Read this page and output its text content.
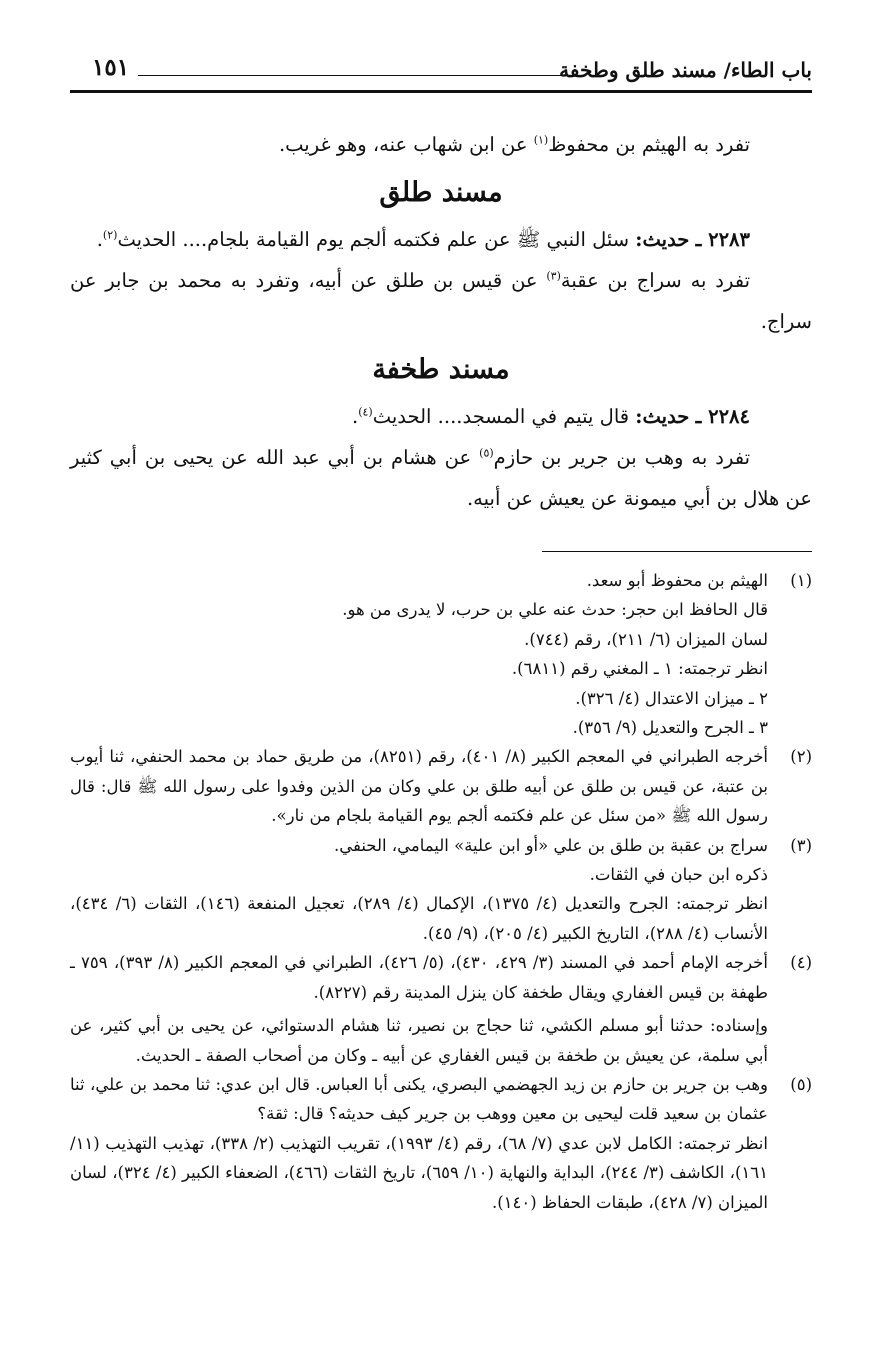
باب الطاء/ مسند طلق وطخفة
١٥١

تفرد به الهيثم بن محفوظ$^{(١)}$ عن ابن شهاب عنه، وهو غريب.

مسند طلق

٢٢٨٣ ـ حديث: سئل النبي ﷺ عن علم فكتمه ألجم يوم القيامة بلجام.... الحديث$^{(٢)}$.

تفرد به سراج بن عقبة$^{(٣)}$ عن قيس بن طلق عن أبيه، وتفرد به محمد بن جابر عن سراج.

مسند طخفة

٢٢٨٤ ـ حديث: قال يتيم في المسجد.... الحديث$^{(٤)}$.

تفرد به وهب بن جرير بن حازم$^{(٥)}$ عن هشام بن أبي عبد الله عن يحيى بن أبي كثير عن هلال بن أبي ميمونة عن يعيش عن أبيه.

(١)
الهيثم بن محفوظ أبو سعد.
قال الحافظ ابن حجر: حدث عنه علي بن حرب، لا يدرى من هو.
لسان الميزان (٦/ ٢١١)، رقم (٧٤٤).
انظر ترجمته: ١ ـ المغني رقم (٦٨١١).
٢ ـ ميزان الاعتدال (٤/ ٣٢٦).
٣ ـ الجرح والتعديل (٩/ ٣٥٦).
(٢)
أخرجه الطبراني في المعجم الكبير (٨/ ٤٠١)، رقم (٨٢٥١)، من طريق حماد بن محمد الحنفي، ثنا أيوب بن عتبة، عن قيس بن طلق عن أبيه طلق بن علي وكان من الذين وفدوا على رسول الله ﷺ قال: قال رسول الله ﷺ «من سئل عن علم فكتمه ألجم يوم القيامة بلجام من نار».
(٣)
سراج بن عقبة بن طلق بن علي «أو ابن علية» اليمامي، الحنفي.
ذكره ابن حبان في الثقات.
انظر ترجمته: الجرح والتعديل (٤/ ١٣٧٥)، الإكمال (٤/ ٢٨٩)، تعجيل المنفعة (١٤٦)، الثقات (٦/ ٤٣٤)، الأنساب (٤/ ٢٨٨)، التاريخ الكبير (٤/ ٢٠٥)، (٩/ ٤٥).
(٤)
أخرجه الإمام أحمد في المسند (٣/ ٤٢٩، ٤٣٠)، (٥/ ٤٢٦)، الطبراني في المعجم الكبير (٨/ ٣٩٣)، ٧٥٩ ـ طهفة بن قيس الغفاري ويقال طخفة كان ينزل المدينة رقم (٨٢٢٧).
وإسناده: حدثنا أبو مسلم الكشي، ثنا حجاج بن نصير، ثنا هشام الدستوائي، عن يحيى بن أبي كثير، عن أبي سلمة، عن يعيش بن طخفة بن قيس الغفاري عن أبيه ـ وكان من أصحاب الصفة ـ الحديث.
(٥)
وهب بن جرير بن حازم بن زيد الجهضمي البصري، يكنى أبا العباس. قال ابن عدي: ثنا محمد بن علي، ثنا عثمان بن سعيد قلت ليحيى بن معين ووهب بن جرير كيف حديثه؟ قال: ثقة؟
انظر ترجمته: الكامل لابن عدي (٧/ ٦٨)، رقم (٤/ ١٩٩٣)، تقريب التهذيب (٢/ ٣٣٨)، تهذيب التهذيب (١١/ ١٦١)، الكاشف (٣/ ٢٤٤)، البداية والنهاية (١٠/ ٦٥٩)، تاريخ الثقات (٤٦٦)، الضعفاء الكبير (٤/ ٣٢٤)، لسان الميزان (٧/ ٤٢٨)، طبقات الحفاظ (١٤٠).
